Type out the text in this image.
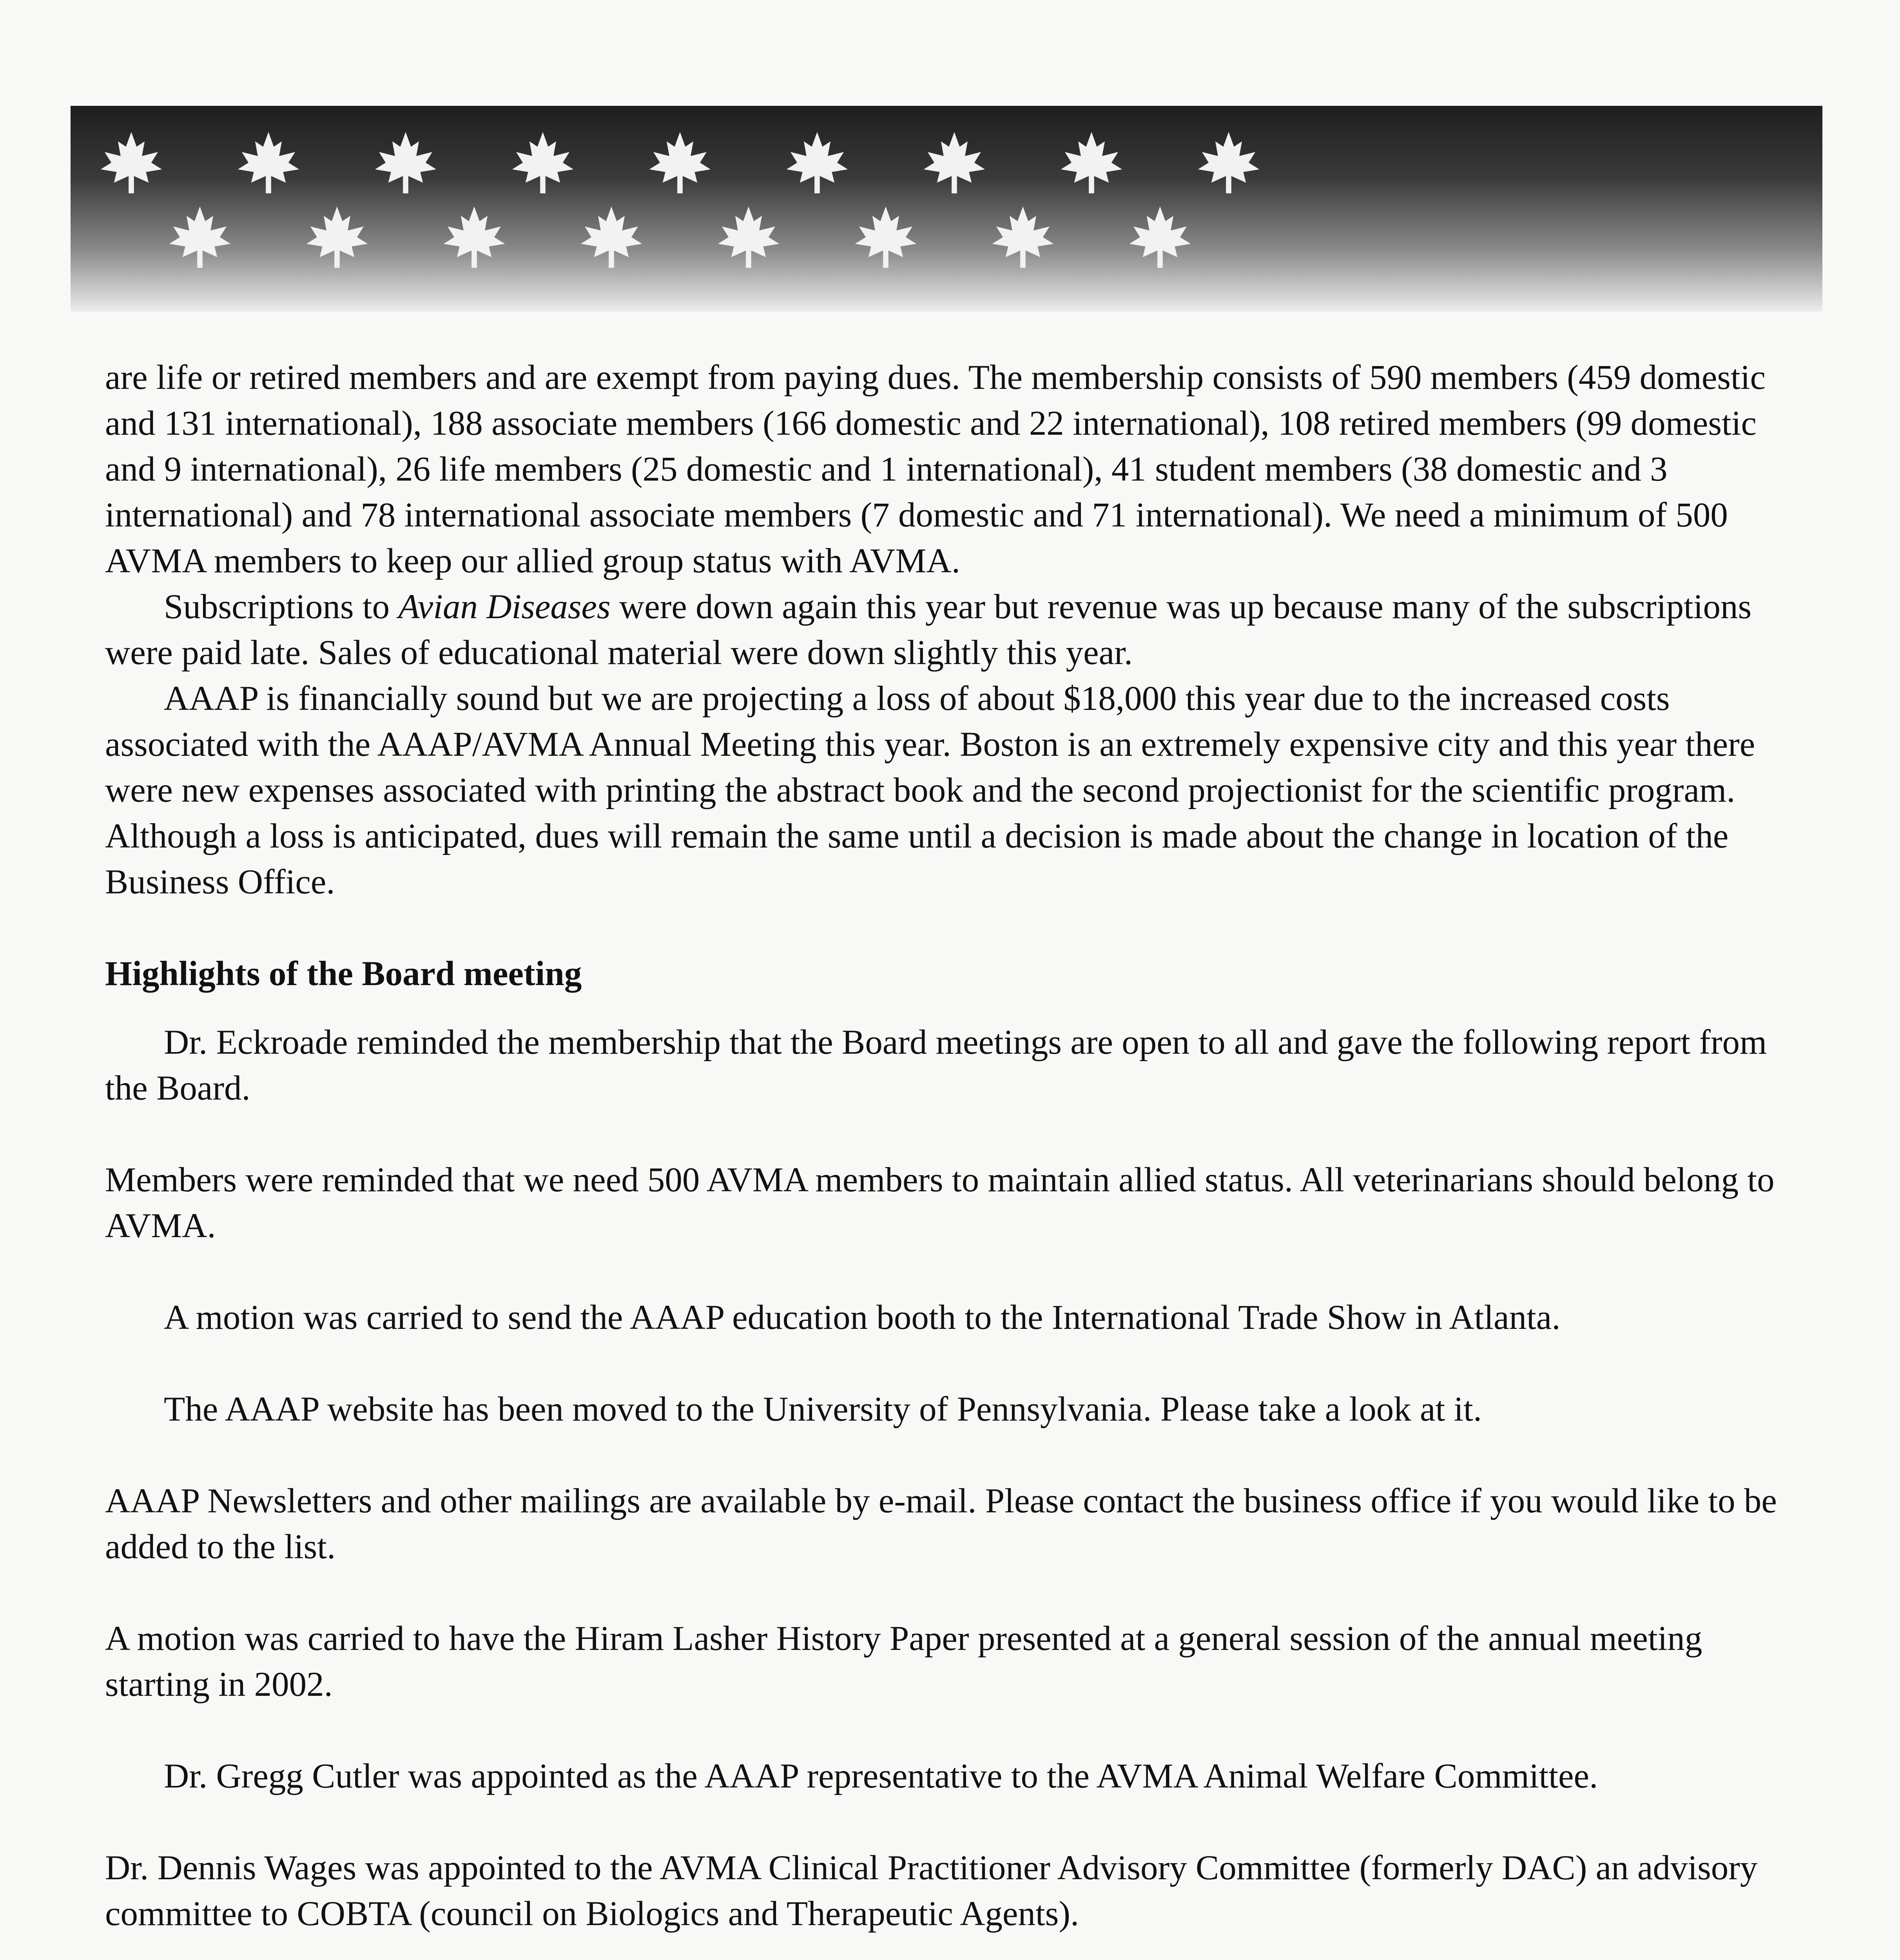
are life or retired members and are exempt from paying dues. The membership consists of 590 members (459 domestic and 131 international), 188 associate members (166 domestic and 22 international), 108 retired members (99 domestic and 9 international), 26 life members (25 domestic and 1 international), 41 student members (38 domestic and 3 international) and 78 international associate members (7 domestic and 71 international). We need a minimum of 500 AVMA members to keep our allied group status with AVMA.

Subscriptions to Avian Diseases were down again this year but revenue was up because many of the subscriptions were paid late. Sales of educational material were down slightly this year.

AAAP is financially sound but we are projecting a loss of about $18,000 this year due to the increased costs associated with the AAAP/AVMA Annual Meeting this year. Boston is an extremely expensive city and this year there were new expenses associated with printing the abstract book and the second projectionist for the scientific program. Although a loss is anticipated, dues will remain the same until a decision is made about the change in location of the Business Office.

Highlights of the Board meeting

Dr. Eckroade reminded the membership that the Board meetings are open to all and gave the following report from the Board.

Members were reminded that we need 500 AVMA members to maintain allied status. All veterinarians should belong to AVMA.

A motion was carried to send the AAAP education booth to the International Trade Show in Atlanta.

The AAAP website has been moved to the University of Pennsylvania. Please take a look at it.

AAAP Newsletters and other mailings are available by e-mail. Please contact the business office if you would like to be added to the list.

A motion was carried to have the Hiram Lasher History Paper presented at a general session of the annual meeting starting in 2002.

Dr. Gregg Cutler was appointed as the AAAP representative to the AVMA Animal Welfare Committee.

Dr. Dennis Wages was appointed to the AVMA Clinical Practitioner Advisory Committee (formerly DAC) an advisory committee to COBTA (council on Biologics and Therapeutic Agents).
